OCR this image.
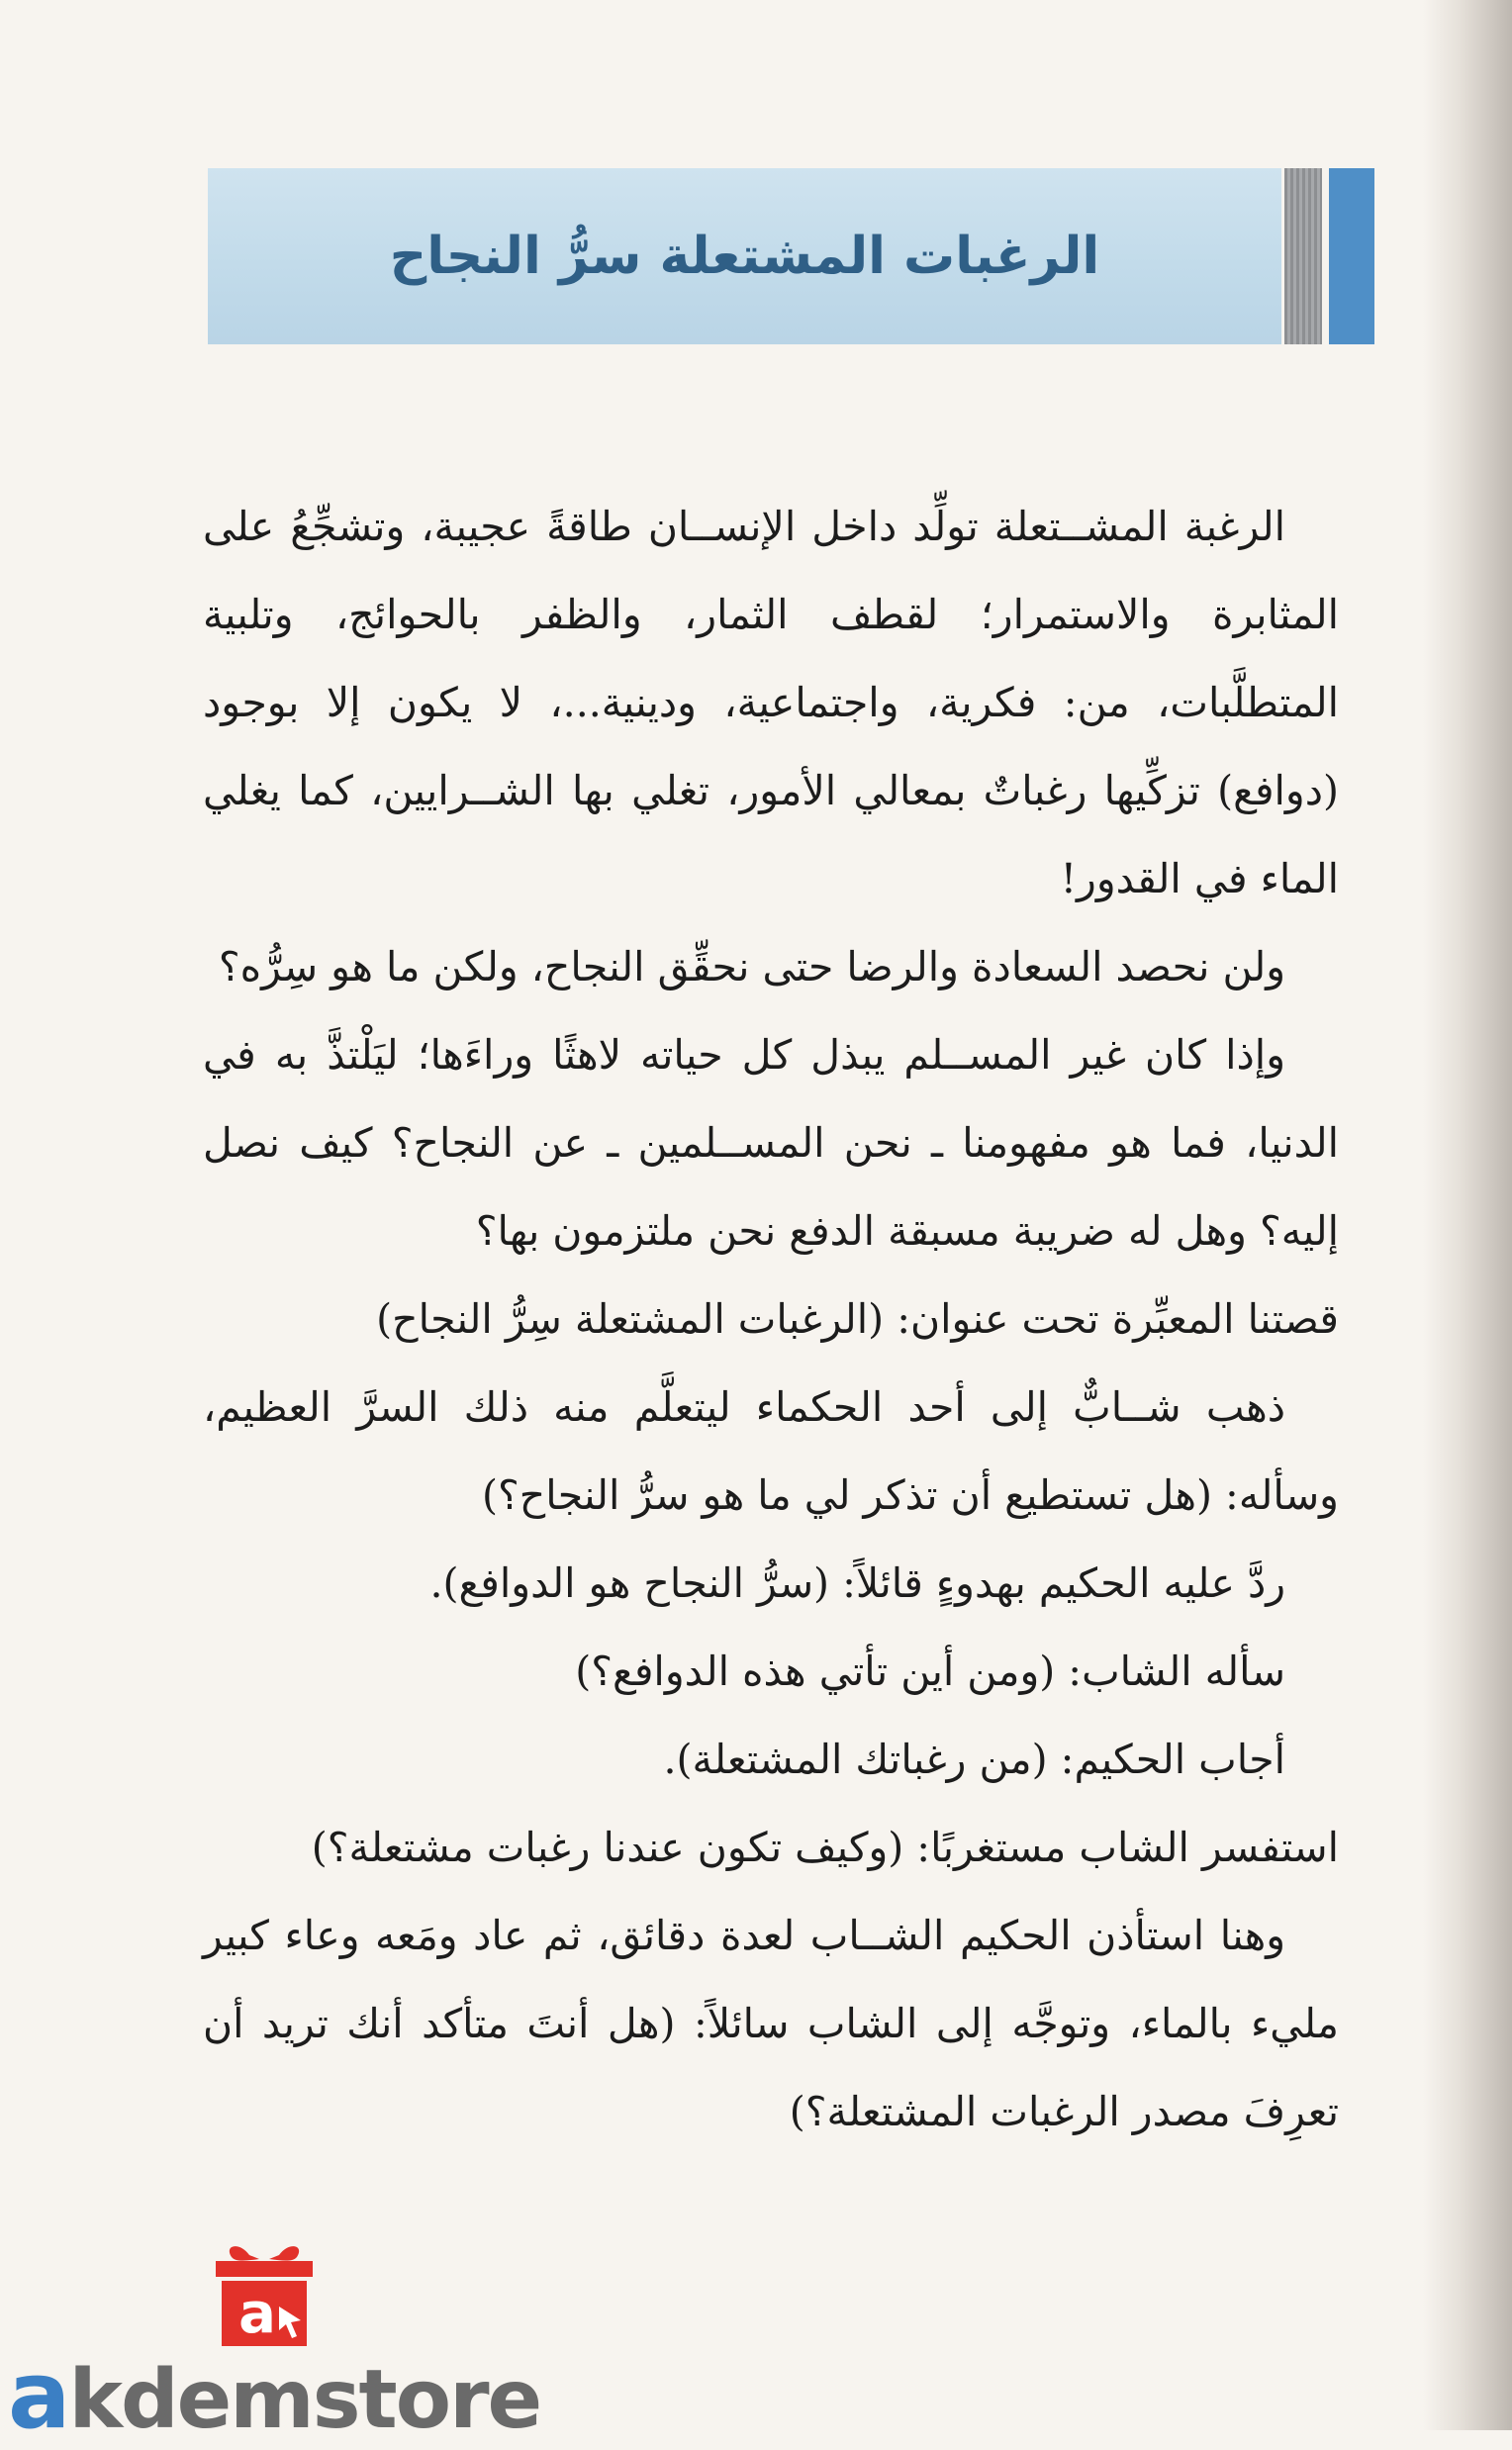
الرغبات المشتعلة سرُّ النجاح

الرغبة المشــتعلة تولِّد داخل الإنســان طاقةً عجيبة، وتشجِّعُ على المثابرة والاستمرار؛ لقطف الثمار، والظفر بالحوائج، وتلبية المتطلَّبات، من: فكرية، واجتماعية، ودينية...، لا يكون إلا بوجود (دوافع) تزكِّيها رغباتٌ بمعالي الأمور، تغلي بها الشــرايين، كما يغلي الماء في القدور!

ولن نحصد السعادة والرضا حتى نحقِّق النجاح، ولكن ما هو سِرُّه؟

وإذا كان غير المســلم يبذل كل حياته لاهثًا وراءَها؛ ليَلْتذَّ به في الدنيا، فما هو مفهومنا ـ نحن المســلمين ـ عن النجاح؟ كيف نصل إليه؟ وهل له ضريبة مسبقة الدفع نحن ملتزمون بها؟

قصتنا المعبِّرة تحت عنوان: (الرغبات المشتعلة سِرُّ النجاح)

ذهب شــابٌّ إلى أحد الحكماء ليتعلَّم منه ذلك السرَّ العظيم، وسأله: (هل تستطيع أن تذكر لي ما هو سرُّ النجاح؟)

ردَّ عليه الحكيم بهدوءٍ قائلاً: (سرُّ النجاح هو الدوافع).

سأله الشاب: (ومن أين تأتي هذه الدوافع؟)

أجاب الحكيم: (من رغباتك المشتعلة).

استفسر الشاب مستغربًا: (وكيف تكون عندنا رغبات مشتعلة؟)

وهنا استأذن الحكيم الشــاب لعدة دقائق، ثم عاد ومَعه وعاء كبير مليء بالماء، وتوجَّه إلى الشاب سائلاً: (هل أنتَ متأكد أنك تريد أن تعرِفَ مصدر الرغبات المشتعلة؟)

a
akdemstore
